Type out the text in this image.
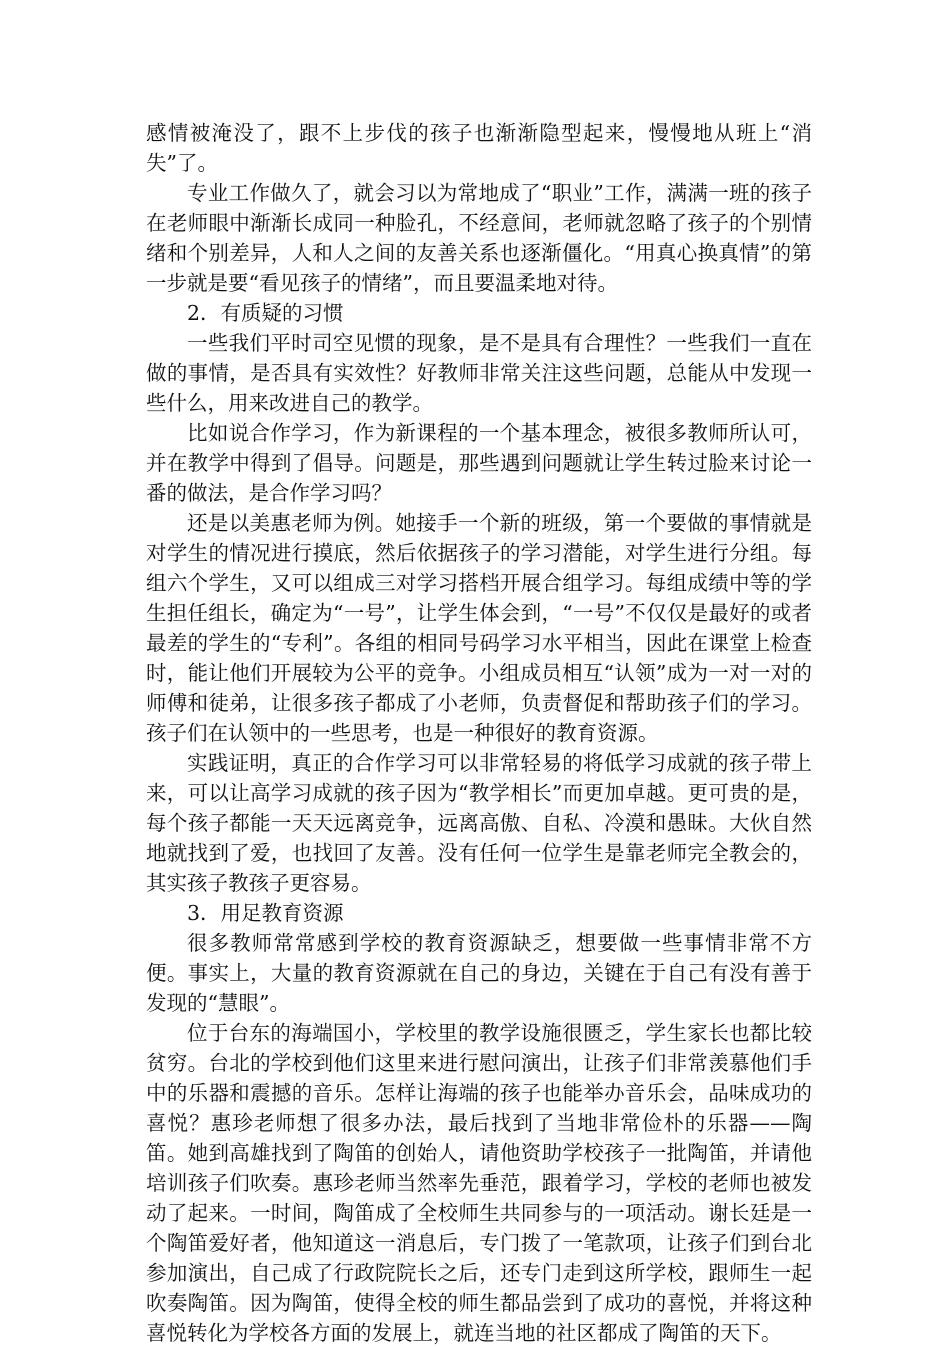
感情被淹没了，跟不上步伐的孩子也渐渐隐型起来，慢慢地从班上“消失”了。

专业工作做久了，就会习以为常地成了“职业”工作，满满一班的孩子在老师眼中渐渐长成同一种脸孔，不经意间，老师就忽略了孩子的个别情绪和个别差异，人和人之间的友善关系也逐渐僵化。“用真心换真情”的第一步就是要“看见孩子的情绪”，而且要温柔地对待。

2．有质疑的习惯

一些我们平时司空见惯的现象，是不是具有合理性？一些我们一直在做的事情，是否具有实效性？好教师非常关注这些问题，总能从中发现一些什么，用来改进自己的教学。

比如说合作学习，作为新课程的一个基本理念，被很多教师所认可，并在教学中得到了倡导。问题是，那些遇到问题就让学生转过脸来讨论一番的做法，是合作学习吗？

还是以美惠老师为例。她接手一个新的班级，第一个要做的事情就是对学生的情况进行摸底，然后依据孩子的学习潜能，对学生进行分组。每组六个学生，又可以组成三对学习搭档开展合组学习。每组成绩中等的学生担任组长，确定为“一号”，让学生体会到，“一号”不仅仅是最好的或者最差的学生的“专利”。各组的相同号码学习水平相当，因此在课堂上检查时，能让他们开展较为公平的竞争。小组成员相互“认领”成为一对一对的师傅和徒弟，让很多孩子都成了小老师，负责督促和帮助孩子们的学习。孩子们在认领中的一些思考，也是一种很好的教育资源。

实践证明，真正的合作学习可以非常轻易的将低学习成就的孩子带上来，可以让高学习成就的孩子因为“教学相长”而更加卓越。更可贵的是，每个孩子都能一天天远离竞争，远离高傲、自私、冷漠和愚昧。大伙自然地就找到了爱，也找回了友善。没有任何一位学生是靠老师完全教会的，其实孩子教孩子更容易。

3．用足教育资源

很多教师常常感到学校的教育资源缺乏，想要做一些事情非常不方便。事实上，大量的教育资源就在自己的身边，关键在于自己有没有善于发现的“慧眼”。

位于台东的海端国小，学校里的教学设施很匮乏，学生家长也都比较贫穷。台北的学校到他们这里来进行慰问演出，让孩子们非常羡慕他们手中的乐器和震撼的音乐。怎样让海端的孩子也能举办音乐会，品味成功的喜悦？惠珍老师想了很多办法，最后找到了当地非常俭朴的乐器——陶笛。她到高雄找到了陶笛的创始人，请他资助学校孩子一批陶笛，并请他培训孩子们吹奏。惠珍老师当然率先垂范，跟着学习，学校的老师也被发动了起来。一时间，陶笛成了全校师生共同参与的一项活动。谢长廷是一个陶笛爱好者，他知道这一消息后，专门拨了一笔款项，让孩子们到台北参加演出，自己成了行政院院长之后，还专门走到这所学校，跟师生一起吹奏陶笛。因为陶笛，使得全校的师生都品尝到了成功的喜悦，并将这种喜悦转化为学校各方面的发展上，就连当地的社区都成了陶笛的天下。
